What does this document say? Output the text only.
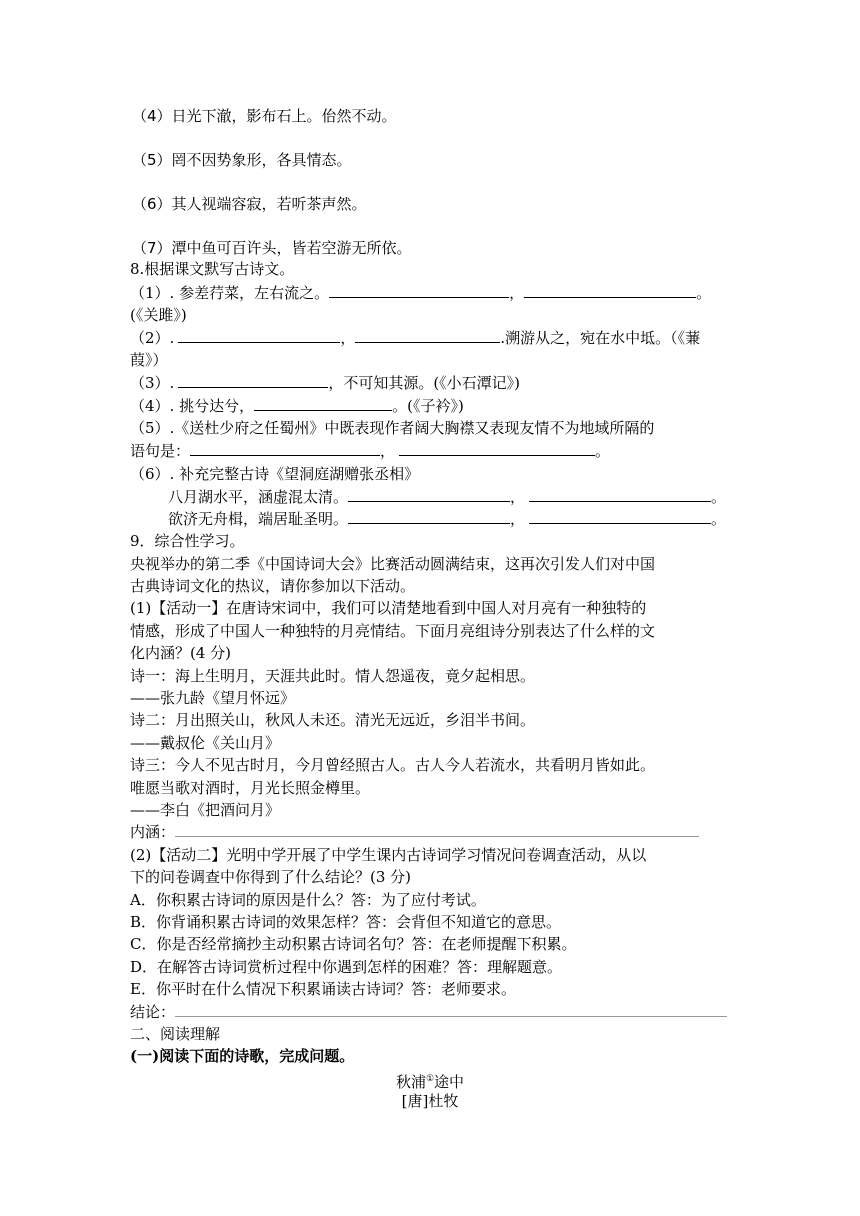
（4）日光下澈，影布石上。佁然不动。
（5）罔不因势象形，各具情态。
（6）其人视端容寂，若听茶声然。
（7）潭中鱼可百许头，皆若空游无所依。
8.根据课文默写古诗文。
（1）. 参差荇菜，左右流之。	，	。
(《关雎》)
（2）.	，	.溯游从之，宛在水中坻。（《蒹
葭》）
（3）.	，不可知其源。(《小石潭记》)
（4）. 挑兮达兮，	。(《子衿》)
（5）.《送杜少府之任蜀州》中既表现作者阔大胸襟又表现友情不为地域所隔的
语句是：	，	。
（6）. 补充完整古诗《望洞庭湖赠张丞相》
八月湖水平，涵虚混太清。	，	。
欲济无舟楫，端居耻圣明。	，	。
9．综合性学习。
央视举办的第二季《中国诗词大会》比赛活动圆满结束，这再次引发人们对中国
古典诗词文化的热议，请你参加以下活动。
(1)【活动一】在唐诗宋词中，我们可以清楚地看到中国人对月亮有一种独特的
情感，形成了中国人一种独特的月亮情结。下面月亮组诗分别表达了什么样的文
化内涵？(4 分)
诗一：海上生明月，天涯共此时。情人怨遥夜，竟夕起相思。
——张九龄《望月怀远》
诗二：月出照关山，秋风人未还。清光无远近，乡泪半书间。
——戴叔伦《关山月》
诗三：今人不见古时月，今月曾经照古人。古人今人若流水，共看明月皆如此。
唯愿当歌对酒时，月光长照金樽里。
——李白《把酒问月》
内涵：
(2)【活动二】光明中学开展了中学生课内古诗词学习情况问卷调查活动，从以
下的问卷调查中你得到了什么结论？(3 分)
A．你积累古诗词的原因是什么？答：为了应付考试。
B．你背诵积累古诗词的效果怎样？答：会背但不知道它的意思。
C．你是否经常摘抄主动积累古诗词名句？答：在老师提醒下积累。
D．在解答古诗词赏析过程中你遇到怎样的困难？答：理解题意。
E．你平时在什么情况下积累诵读古诗词？答：老师要求。
结论：
二、阅读理解
(一)阅读下面的诗歌，完成问题。
秋浦①途中
[唐]杜牧
